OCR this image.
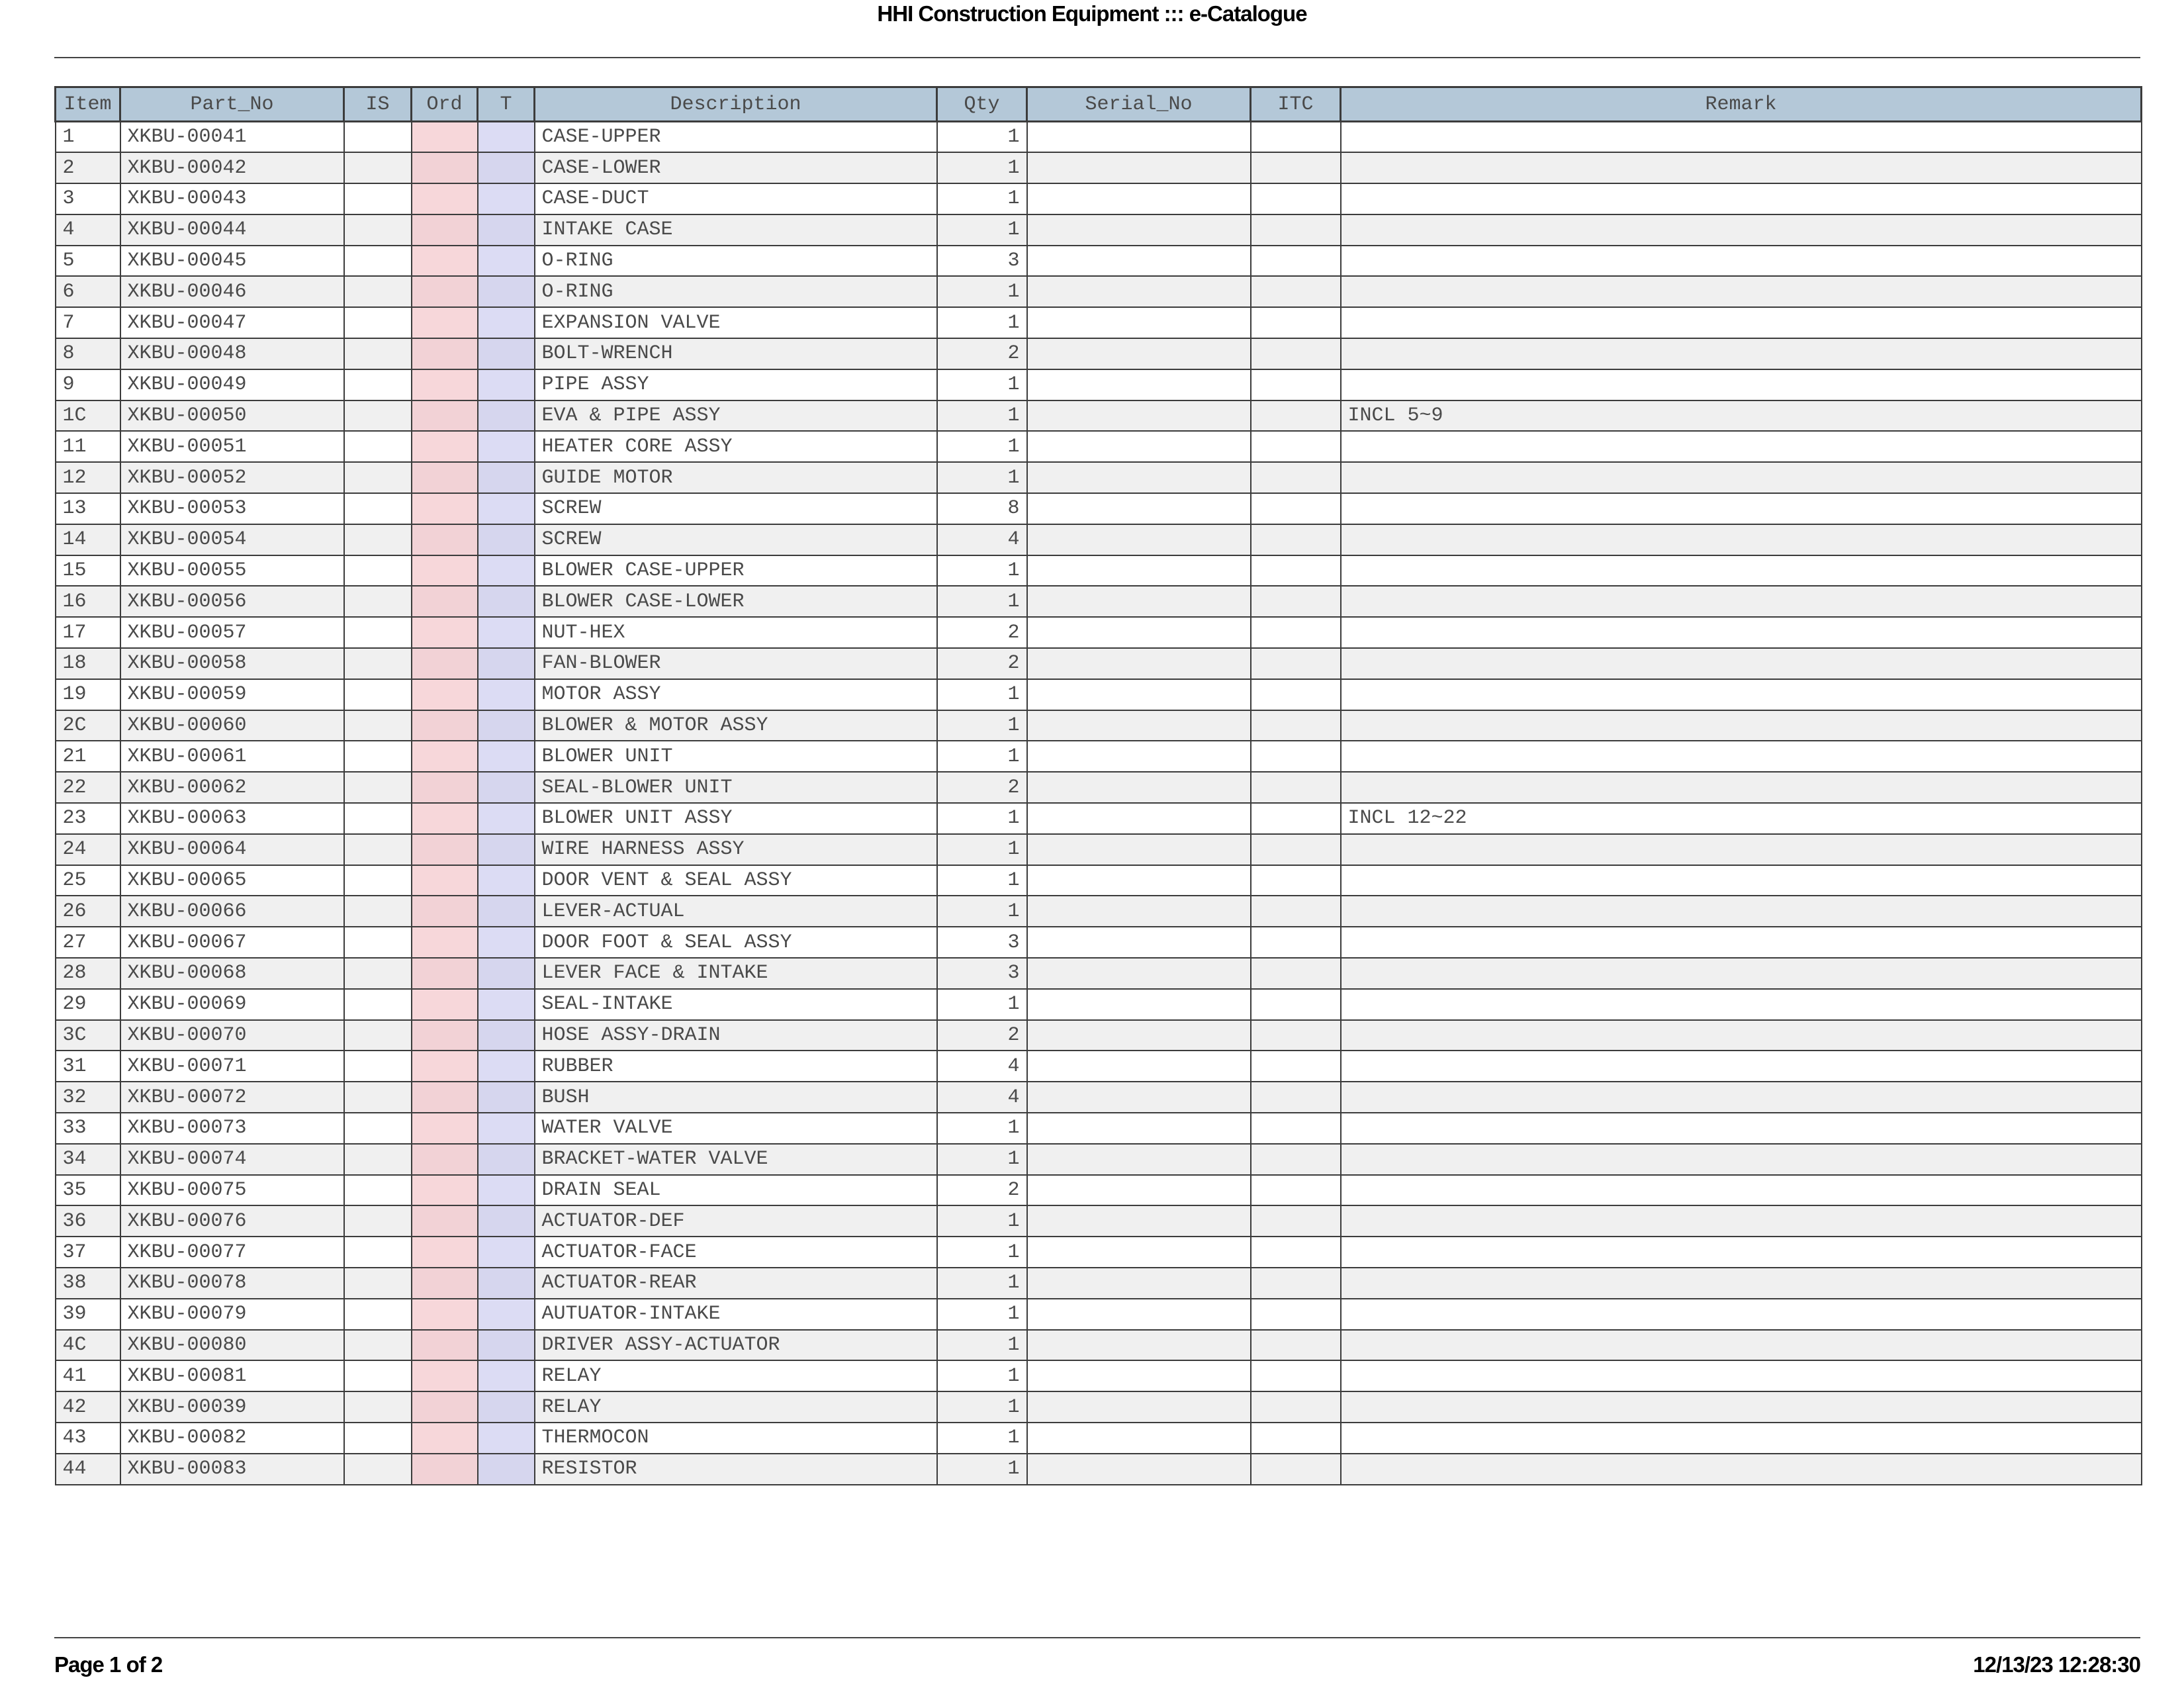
HHI Construction Equipment ::: e-Catalogue
Item	Part_No	IS	Ord	T	Description	Qty	Serial_No	ITC	Remark
1	XKBU-00041				CASE-UPPER	1			
2	XKBU-00042				CASE-LOWER	1			
3	XKBU-00043				CASE-DUCT	1			
4	XKBU-00044				INTAKE CASE	1			
5	XKBU-00045				O-RING	3			
6	XKBU-00046				O-RING	1			
7	XKBU-00047				EXPANSION VALVE	1			
8	XKBU-00048				BOLT-WRENCH	2			
9	XKBU-00049				PIPE ASSY	1			
1C	XKBU-00050				EVA & PIPE ASSY	1			INCL 5~9
11	XKBU-00051				HEATER CORE ASSY	1			
12	XKBU-00052				GUIDE MOTOR	1			
13	XKBU-00053				SCREW	8			
14	XKBU-00054				SCREW	4			
15	XKBU-00055				BLOWER CASE-UPPER	1			
16	XKBU-00056				BLOWER CASE-LOWER	1			
17	XKBU-00057				NUT-HEX	2			
18	XKBU-00058				FAN-BLOWER	2			
19	XKBU-00059				MOTOR ASSY	1			
2C	XKBU-00060				BLOWER & MOTOR ASSY	1			
21	XKBU-00061				BLOWER UNIT	1			
22	XKBU-00062				SEAL-BLOWER UNIT	2			
23	XKBU-00063				BLOWER UNIT ASSY	1			INCL 12~22
24	XKBU-00064				WIRE HARNESS ASSY	1			
25	XKBU-00065				DOOR VENT & SEAL ASSY	1			
26	XKBU-00066				LEVER-ACTUAL	1			
27	XKBU-00067				DOOR FOOT & SEAL ASSY	3			
28	XKBU-00068				LEVER FACE & INTAKE	3			
29	XKBU-00069				SEAL-INTAKE	1			
3C	XKBU-00070				HOSE ASSY-DRAIN	2			
31	XKBU-00071				RUBBER	4			
32	XKBU-00072				BUSH	4			
33	XKBU-00073				WATER VALVE	1			
34	XKBU-00074				BRACKET-WATER VALVE	1			
35	XKBU-00075				DRAIN SEAL	2			
36	XKBU-00076				ACTUATOR-DEF	1			
37	XKBU-00077				ACTUATOR-FACE	1			
38	XKBU-00078				ACTUATOR-REAR	1			
39	XKBU-00079				AUTUATOR-INTAKE	1			
4C	XKBU-00080				DRIVER ASSY-ACTUATOR	1			
41	XKBU-00081				RELAY	1			
42	XKBU-00039				RELAY	1			
43	XKBU-00082				THERMOCON	1			
44	XKBU-00083				RESISTOR	1			
Page 1 of 2	12/13/23 12:28:30
